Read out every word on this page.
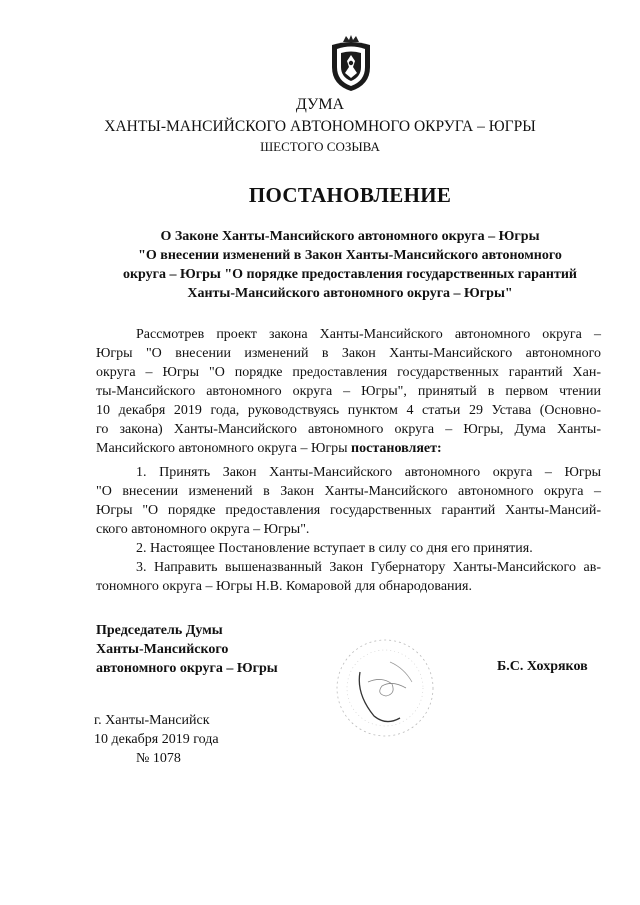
ДУМА
ХАНТЫ-МАНСИЙСКОГО АВТОНОМНОГО ОКРУГА – ЮГРЫ
ШЕСТОГО СОЗЫВА
ПОСТАНОВЛЕНИЕ
О Законе Ханты-Мансийского автономного округа – Югры
"О внесении изменений в Закон Ханты-Мансийского автономного
округа – Югры "О порядке предоставления государственных гарантий
Ханты-Мансийского автономного округа – Югры"
Рассмотрев проект закона Ханты-Мансийского автономного округа –
Югры "О внесении изменений в Закон Ханты-Мансийского автономного
округа – Югры "О порядке предоставления государственных гарантий Хан-
ты-Мансийского автономного округа – Югры", принятый в первом чтении
10 декабря 2019 года, руководствуясь пунктом 4 статьи 29 Устава (Основно-
го закона) Ханты-Мансийского автономного округа – Югры, Дума Ханты-
Мансийского автономного округа – Югры постановляет:
1. Принять Закон Ханты-Мансийского автономного округа – Югры
"О внесении изменений в Закон Ханты-Мансийского автономного округа –
Югры "О порядке предоставления государственных гарантий Ханты-Мансий-
ского автономного округа – Югры".
2. Настоящее Постановление вступает в силу со дня его принятия.
3. Направить вышеназванный Закон Губернатору Ханты-Мансийского ав-
тономного округа – Югры Н.В. Комаровой для обнародования.
Председатель Думы
Ханты-Мансийского
автономного округа – Югры	Б.С. Хохряков
г. Ханты-Мансийск
10 декабря 2019 года
№ 1078
